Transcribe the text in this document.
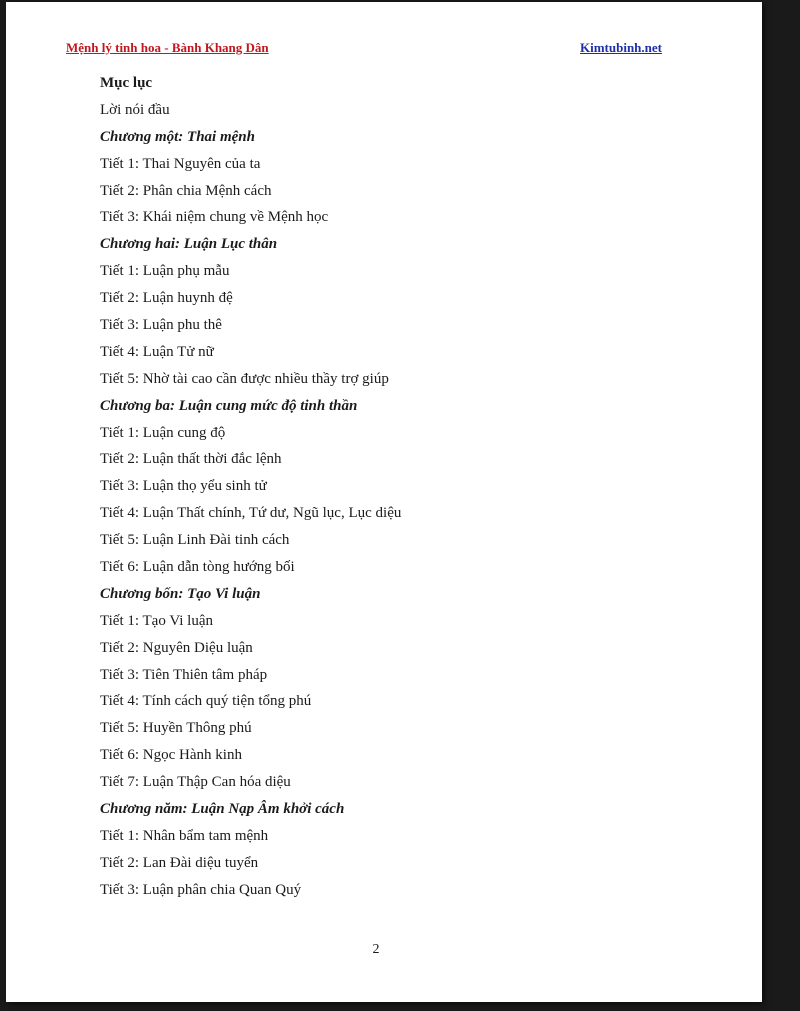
Mệnh lý tinh hoa - Bành Khang Dân	Kimtubinh.net
Mục lục
Lời nói đầu
Chương một: Thai mệnh
Tiết 1: Thai Nguyên của ta
Tiết 2: Phân chia Mệnh cách
Tiết 3: Khái niệm chung về Mệnh học
Chương hai: Luận Lục thân
Tiết 1: Luận phụ mẫu
Tiết 2: Luận huynh đệ
Tiết 3: Luận phu thê
Tiết 4: Luận Tử nữ
Tiết 5: Nhờ tài cao cần được nhiều thầy trợ giúp
Chương ba: Luận cung mức độ tinh thần
Tiết 1: Luận cung độ
Tiết 2: Luận thất thời đắc lệnh
Tiết 3: Luận thọ yểu sinh tử
Tiết 4: Luận Thất chính, Tứ dư, Ngũ lục, Lục diệu
Tiết 5: Luận Linh Đài tinh cách
Tiết 6: Luận dẫn tòng hướng bối
Chương bốn: Tạo Vi luận
Tiết 1: Tạo Vi luận
Tiết 2: Nguyên Diệu luận
Tiết 3: Tiên Thiên tâm pháp
Tiết 4: Tính cách quý tiện tổng phú
Tiết 5: Huyền Thông phú
Tiết 6: Ngọc Hành kinh
Tiết 7: Luận Thập Can hóa diệu
Chương năm: Luận Nạp Âm khởi cách
Tiết 1: Nhân bẩm tam mệnh
Tiết 2: Lan Đài diệu tuyển
Tiết 3: Luận phân chia Quan Quý
2
